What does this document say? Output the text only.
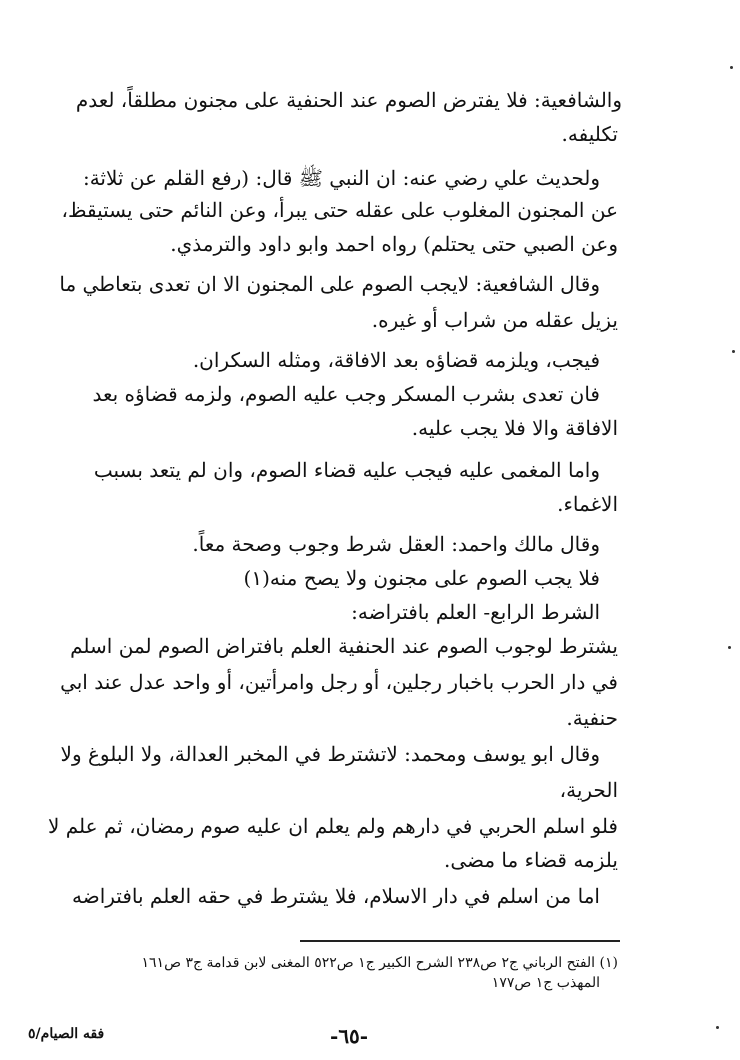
والشافعية: فلا يفترض الصوم عند الحنفية على مجنون مطلقاً، لعدم
تكليفه.
ولحديث علي رضي عنه: ان النبي ﷺ قال: (رفع القلم عن ثلاثة:
عن المجنون المغلوب على عقله حتى يبرأ، وعن النائم حتى يستيقظ،
وعن الصبي حتى يحتلم) رواه احمد وابو داود والترمذي.
وقال الشافعية: لايجب الصوم على المجنون الا ان تعدى بتعاطي ما
يزيل عقله من شراب أو غيره.
فيجب، ويلزمه قضاؤه بعد الافاقة، ومثله السكران.
فان تعدى بشرب المسكر وجب عليه الصوم، ولزمه قضاؤه بعد
الافاقة والا فلا يجب عليه.
واما المغمى عليه فيجب عليه قضاء الصوم، وان لم يتعد بسبب
الاغماء.
وقال مالك واحمد: العقل شرط وجوب وصحة معاً.
فلا يجب الصوم على مجنون ولا يصح منه(١)
الشرط الرابع- العلم بافتراضه:
يشترط لوجوب الصوم عند الحنفية العلم بافتراض الصوم لمن اسلم
في دار الحرب باخبار رجلين، أو رجل وامرأتين، أو واحد عدل عند ابي
حنفية.
وقال ابو يوسف ومحمد: لاتشترط في المخبر العدالة، ولا البلوغ ولا
الحرية،
فلو اسلم الحربي في دارهم ولم يعلم ان عليه صوم رمضان، ثم علم لا
يلزمه قضاء ما مضى.
اما من اسلم في دار الاسلام، فلا يشترط في حقه العلم بافتراضه
(١) الفتح الرباني ج٢ ص٢٣٨ الشرح الكبير ج١ ص٥٢٢ المغنى لابن قدامة ج٣ ص١٦١
المهذب ج١ ص١٧٧
-٦٥-
فقه الصيام/٥
